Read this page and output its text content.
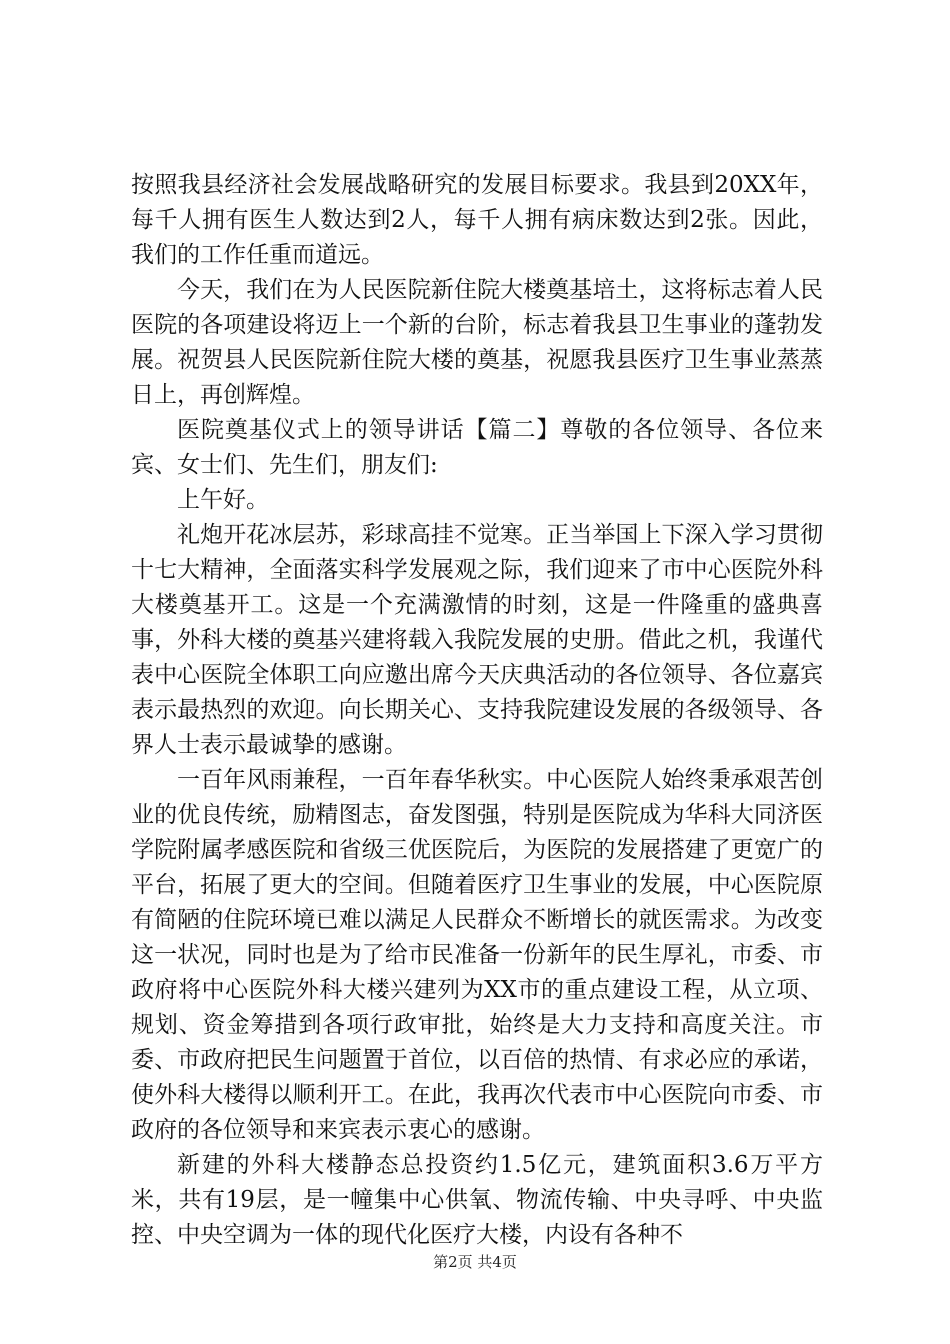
按照我县经济社会发展战略研究的发展目标要求。我县到20XX年，每千人拥有医生人数达到2人，每千人拥有病床数达到2张。因此，我们的工作任重而道远。

今天，我们在为人民医院新住院大楼奠基培土，这将标志着人民医院的各项建设将迈上一个新的台阶，标志着我县卫生事业的蓬勃发展。祝贺县人民医院新住院大楼的奠基，祝愿我县医疗卫生事业蒸蒸日上，再创辉煌。

医院奠基仪式上的领导讲话【篇二】尊敬的各位领导、各位来宾、女士们、先生们，朋友们:

上午好。

礼炮开花冰层苏，彩球高挂不觉寒。正当举国上下深入学习贯彻十七大精神，全面落实科学发展观之际，我们迎来了市中心医院外科大楼奠基开工。这是一个充满激情的时刻，这是一件隆重的盛典喜事，外科大楼的奠基兴建将载入我院发展的史册。借此之机，我谨代表中心医院全体职工向应邀出席今天庆典活动的各位领导、各位嘉宾表示最热烈的欢迎。向长期关心、支持我院建设发展的各级领导、各界人士表示最诚挚的感谢。

一百年风雨兼程，一百年春华秋实。中心医院人始终秉承艰苦创业的优良传统，励精图志，奋发图强，特别是医院成为华科大同济医学院附属孝感医院和省级三优医院后，为医院的发展搭建了更宽广的平台，拓展了更大的空间。但随着医疗卫生事业的发展，中心医院原有简陋的住院环境已难以满足人民群众不断增长的就医需求。为改变这一状况，同时也是为了给市民准备一份新年的民生厚礼，市委、市政府将中心医院外科大楼兴建列为XX市的重点建设工程，从立项、规划、资金筹措到各项行政审批，始终是大力支持和高度关注。市委、市政府把民生问题置于首位，以百倍的热情、有求必应的承诺，使外科大楼得以顺利开工。在此，我再次代表市中心医院向市委、市政府的各位领导和来宾表示衷心的感谢。

新建的外科大楼静态总投资约1.5亿元，建筑面积3.6万平方米，共有19层，是一幢集中心供氧、物流传输、中央寻呼、中央监控、中央空调为一体的现代化医疗大楼，内设有各种不

第2页 共4页
